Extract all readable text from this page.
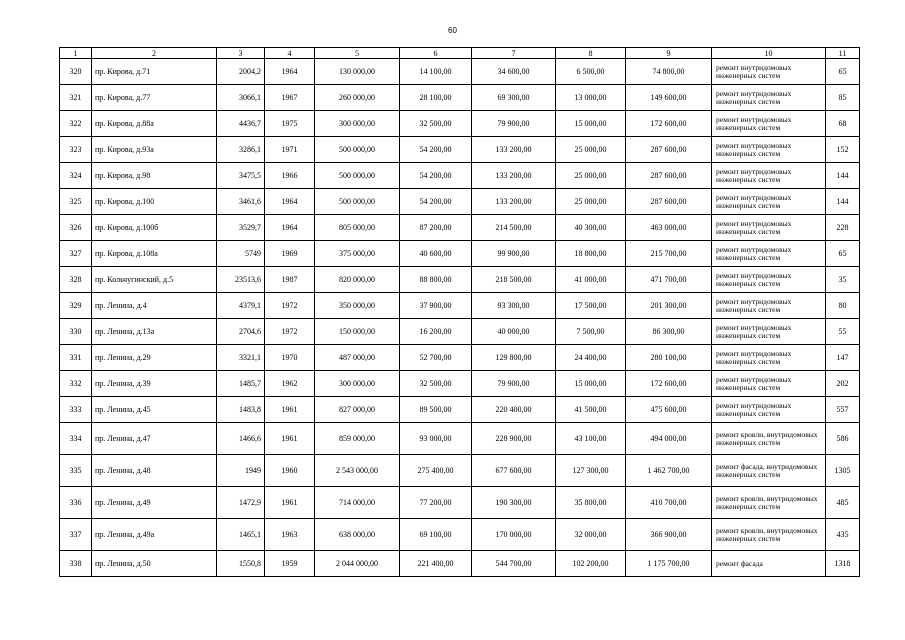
60
1	2	3	4	5	6	7	8	9	10	11
320	пр. Кирова, д.71	2004,2	1964	130 000,00	14 100,00	34 600,00	6 500,00	74 800,00	ремонт внутридомовых инженерных систем	65
321	пр. Кирова, д.77	3066,1	1967	260 000,00	28 100,00	69 300,00	13 000,00	149 600,00	ремонт внутридомовых инженерных систем	85
322	пр. Кирова, д.88а	4436,7	1975	300 000,00	32 500,00	79 900,00	15 000,00	172 600,00	ремонт внутридомовых инженерных систем	68
323	пр. Кирова, д.93а	3286,1	1971	500 000,00	54 200,00	133 200,00	25 000,00	287 600,00	ремонт внутридомовых инженерных систем	152
324	пр. Кирова, д.98	3475,5	1966	500 000,00	54 200,00	133 200,00	25 000,00	287 600,00	ремонт внутридомовых инженерных систем	144
325	пр. Кирова, д.100	3461,6	1964	500 000,00	54 200,00	133 200,00	25 000,00	287 600,00	ремонт внутридомовых инженерных систем	144
326	пр. Кирова, д.100б	3529,7	1964	805 000,00	87 200,00	214 500,00	40 300,00	463 000,00	ремонт внутридомовых инженерных систем	228
327	пр. Кирова, д.108а	5749	1969	375 000,00	40 600,00	99 900,00	18 800,00	215 700,00	ремонт внутридомовых инженерных систем	65
328	пр. Кольчугинский, д.5	23513,6	1987	820 000,00	88 800,00	218 500,00	41 000,00	471 700,00	ремонт внутридомовых инженерных систем	35
329	пр. Ленина, д.4	4379,1	1972	350 000,00	37 900,00	93 300,00	17 500,00	201 300,00	ремонт внутридомовых инженерных систем	80
330	пр. Ленина, д.13а	2704,6	1972	150 000,00	16 200,00	40 000,00	7 500,00	86 300,00	ремонт внутридомовых инженерных систем	55
331	пр. Ленина, д.29	3321,1	1970	487 000,00	52 700,00	129 800,00	24 400,00	280 100,00	ремонт внутридомовых инженерных систем	147
332	пр. Ленина, д.39	1485,7	1962	300 000,00	32 500,00	79 900,00	15 000,00	172 600,00	ремонт внутридомовых инженерных систем	202
333	пр. Ленина, д.45	1483,8	1961	827 000,00	89 500,00	220 400,00	41 500,00	475 600,00	ремонт внутридомовых инженерных систем	557
334	пр. Ленина, д.47	1466,6	1961	859 000,00	93 000,00	228 900,00	43 100,00	494 000,00	ремонт кровли, внутридомовых инженерных систем	586
335	пр. Ленина, д.48	1949	1960	2 543 000,00	275 400,00	677 600,00	127 300,00	1 462 700,00	ремонт фасада, внутридомовых инженерных систем	1305
336	пр. Ленина, д.49	1472,9	1961	714 000,00	77 200,00	190 300,00	35 800,00	410 700,00	ремонт кровли, внутридомовых инженерных систем	485
337	пр. Ленина, д.49а	1465,1	1963	638 000,00	69 100,00	170 000,00	32 000,00	366 900,00	ремонт кровли, внутридомовых инженерных систем	435
338	пр. Ленина, д.50	1550,8	1959	2 044 000,00	221 400,00	544 700,00	102 200,00	1 175 700,00	ремонт фасада	1318
